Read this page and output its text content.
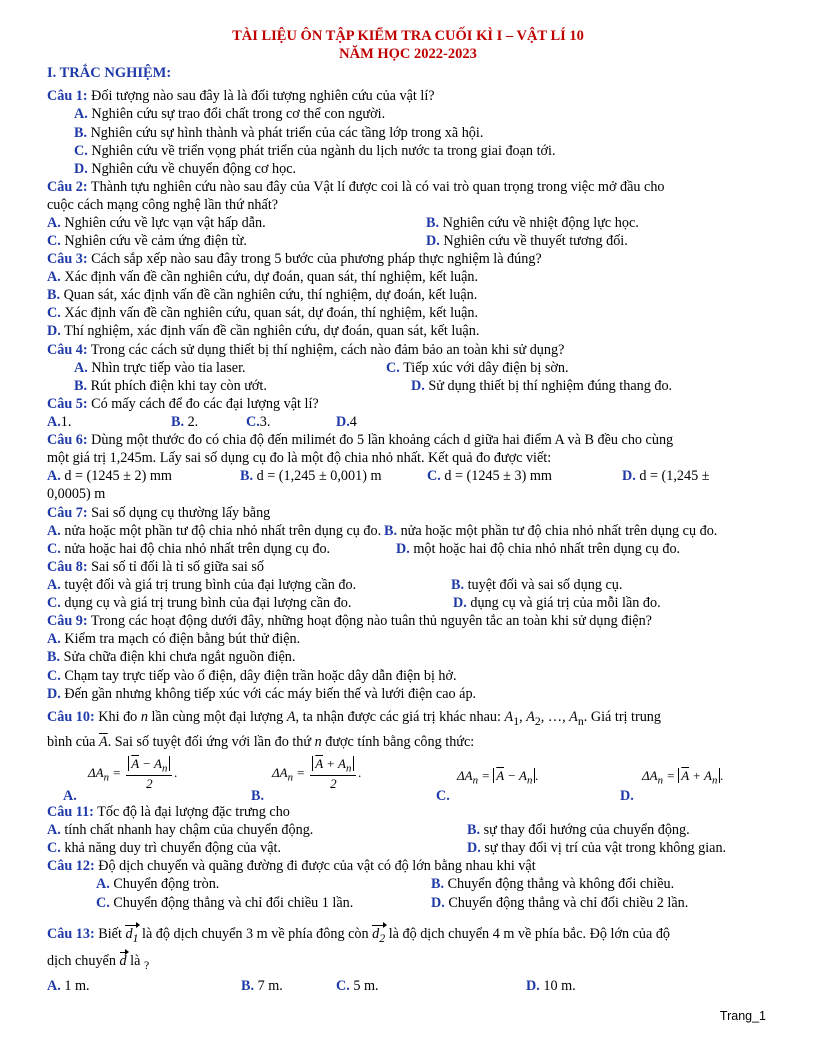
TÀI LIỆU ÔN TẬP KIỂM TRA CUỐI KÌ I – VẬT LÍ 10
NĂM HỌC 2022-2023
I. TRẮC NGHIỆM:
Câu 1: Đối tượng nào sau đây là là đối tượng nghiên cứu của vật lí?
A. Nghiên cứu sự trao đổi chất trong cơ thể con người.
B. Nghiên cứu sự hình thành và phát triển của các tầng lớp trong xã hội.
C. Nghiên cứu về triển vọng phát triển của ngành du lịch nước ta trong giai đoạn tới.
D. Nghiên cứu về chuyển động cơ học.
Câu 2: Thành tựu nghiên cứu nào sau đây của Vật lí được coi là có vai trò quan trọng trong việc mở đầu cho
cuộc cách mạng công nghệ lần thứ nhất?
A. Nghiên cứu về lực vạn vật hấp dẫn.	B. Nghiên cứu về nhiệt động lực học.
C. Nghiên cứu về cảm ứng điện từ.	D. Nghiên cứu về thuyết tương đối.
Câu 3: Cách sắp xếp nào sau đây trong 5 bước của phương pháp thực nghiệm là đúng?
A. Xác định vấn đề cần nghiên cứu, dự đoán, quan sát, thí nghiệm, kết luận.
B. Quan sát, xác định vấn đề cần nghiên cứu, thí nghiệm, dự đoán, kết luận.
C. Xác định vấn đề cần nghiên cứu, quan sát, dự đoán, thí nghiệm, kết luận.
D. Thí nghiệm, xác định vấn đề cần nghiên cứu, dự đoán, quan sát, kết luận.
Câu 4: Trong các cách sử dụng thiết bị thí nghiệm, cách nào đảm bảo an toàn khi sử dụng?
A. Nhìn trực tiếp vào tia laser.	C. Tiếp xúc với dây điện bị sờn.
B. Rút phích điện khi tay còn ướt.	D. Sử dụng thiết bị thí nghiệm đúng thang đo.
Câu 5: Có mấy cách để đo các đại lượng vật lí?
A.1.	B. 2.	C.3.	D.4
Câu 6: Dùng một thước đo có chia độ đến milimét đo 5 lần khoảng cách d giữa hai điểm A và B đều cho cùng
một giá trị 1,245m. Lấy sai số dụng cụ đo là một độ chia nhỏ nhất. Kết quả đo được viết:
A. d = (1245 ± 2) mm	B. d = (1,245 ± 0,001) m	C. d = (1245 ± 3) mm	D. d = (1,245 ±
0,0005) m
Câu 7: Sai số dụng cụ thường lấy bằng
A. nửa hoặc một phần tư độ chia nhỏ nhất trên dụng cụ đo. B. nửa hoặc một phần tư độ chia nhỏ nhất trên dụng cụ đo.
C. nửa hoặc hai độ chia nhỏ nhất trên dụng cụ đo.	D. một hoặc hai độ chia nhỏ nhất trên dụng cụ đo.
Câu 8: Sai số tỉ đối là tỉ số giữa sai số
A. tuyệt đối và giá trị trung bình của đại lượng cần đo.	B. tuyệt đối và sai số dụng cụ.
C. dụng cụ và giá trị trung bình của đại lượng cần đo.	D. dụng cụ và giá trị của mỗi lần đo.
Câu 9: Trong các hoạt động dưới đây, những hoạt động nào tuân thủ nguyên tắc an toàn khi sử dụng điện?
A. Kiểm tra mạch có điện bằng bút thử điện.
B. Sửa chữa điện khi chưa ngắt nguồn điện.
C. Chạm tay trực tiếp vào ổ điện, dây điện trần hoặc dây dẫn điện bị hở.
D. Đến gần nhưng không tiếp xúc với các máy biến thế và lưới điện cao áp.
Câu 11: Tốc độ là đại lượng đặc trưng cho
A. tính chất nhanh hay chậm của chuyển động.	B. sự thay đổi hướng của chuyển động.
C. khả năng duy trì chuyển động của vật.	D. sự thay đổi vị trí của vật trong không gian.
Câu 12: Độ dịch chuyển và quãng đường đi được của vật có độ lớn bằng nhau khi vật
A. Chuyển động tròn.	B. Chuyển động thẳng và không đổi chiều.
C. Chuyển động thẳng và chỉ đổi chiều 1 lần.	D. Chuyển động thẳng và chỉ đổi chiều 2 lần.
A. 1 m.	B. 7 m.	C. 5 m.	D. 10 m.
Câu 10: Khi đo n lần cùng một đại lượng A, ta nhận được các giá trị khác nhau: $A_1$, $A_2$, …, $A_n$. Giá trị trung
bình của $\overline{A}$. Sai số tuyệt đối ứng với lần đo thứ n được tính bằng công thức:
A.
$\Delta A_n = \frac{\overline{A} - A_n}{2}$ .
B.
$\Delta A_n = \frac{\overline{A} + A_n}{2}$ .
C.
$\Delta A_n = \overline{A} - A_n$ .
D.
$\Delta A_n = \overline{A} + A_n$ .
Câu 13: Biết $d_1$ là độ dịch chuyển 3 m về phía đông còn $d_2$ là độ dịch chuyển 4 m về phía bắc. Độ lớn của độ
dịch chuyển d là $_?$
Trang_1
